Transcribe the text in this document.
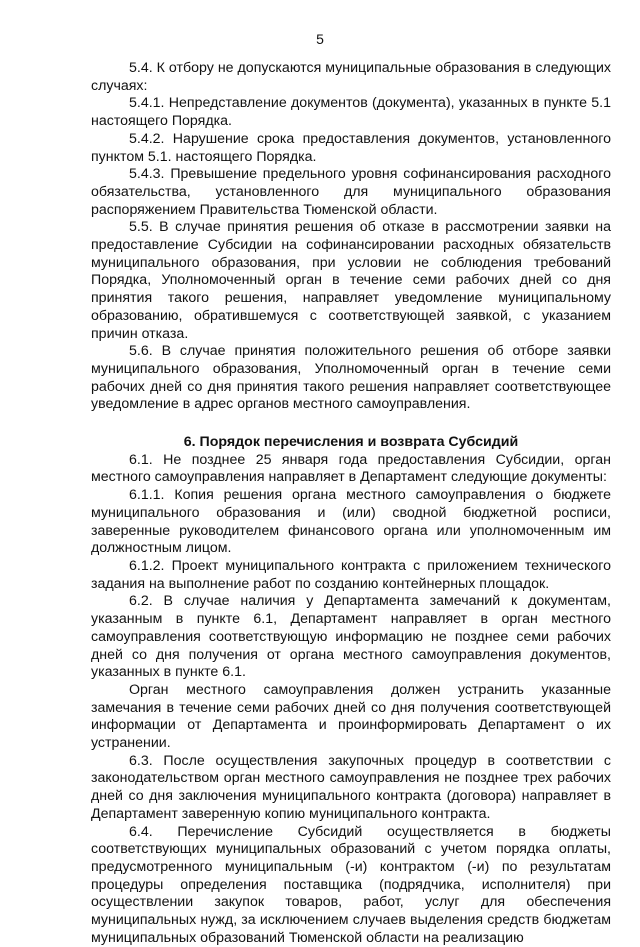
5

5.4. К отбору не допускаются муниципальные образования в следующих случаях:

5.4.1. Непредставление документов (документа), указанных в пункте 5.1 настоящего Порядка.

5.4.2. Нарушение срока предоставления документов, установленного пунктом 5.1. настоящего Порядка.

5.4.3. Превышение предельного уровня софинансирования расходного обязательства, установленного для муниципального образования распоряжением Правительства Тюменской области.

5.5. В случае принятия решения об отказе в рассмотрении заявки на предоставление Субсидии на софинансировании расходных обязательств муниципального образования, при условии не соблюдения требований Порядка, Уполномоченный орган в течение семи рабочих дней со дня принятия такого решения, направляет уведомление муниципальному образованию, обратившемуся с соответствующей заявкой, с указанием причин отказа.

5.6. В случае принятия положительного решения об отборе заявки муниципального образования, Уполномоченный орган в течение семи рабочих дней со дня принятия такого решения направляет соответствующее уведомление в адрес органов местного самоуправления.

6. Порядок перечисления и возврата Субсидий

6.1. Не позднее 25 января года предоставления Субсидии, орган местного самоуправления направляет в Департамент следующие документы:

6.1.1. Копия решения органа местного самоуправления о бюджете муниципального образования и (или) сводной бюджетной росписи, заверенные руководителем финансового органа или уполномоченным им должностным лицом.

6.1.2. Проект муниципального контракта с приложением технического задания на выполнение работ по созданию контейнерных площадок.

6.2. В случае наличия у Департамента замечаний к документам, указанным в пункте 6.1, Департамент направляет в орган местного самоуправления соответствующую информацию не позднее семи рабочих дней со дня получения от органа местного самоуправления документов, указанных в пункте 6.1.

Орган местного самоуправления должен устранить указанные замечания в течение семи рабочих дней со дня получения соответствующей информации от Департамента и проинформировать Департамент о их устранении.

6.3. После осуществления закупочных процедур в соответствии с законодательством орган местного самоуправления не позднее трех рабочих дней со дня заключения муниципального контракта (договора) направляет в Департамент заверенную копию муниципального контракта.

6.4. Перечисление Субсидий осуществляется в бюджеты соответствующих муниципальных образований с учетом порядка оплаты, предусмотренного муниципальным (-и) контрактом (-и) по результатам процедуры определения поставщика (подрядчика, исполнителя) при осуществлении закупок товаров, работ, услуг для обеспечения муниципальных нужд, за исключением случаев выделения средств бюджетам муниципальных образований Тюменской области на реализацию
